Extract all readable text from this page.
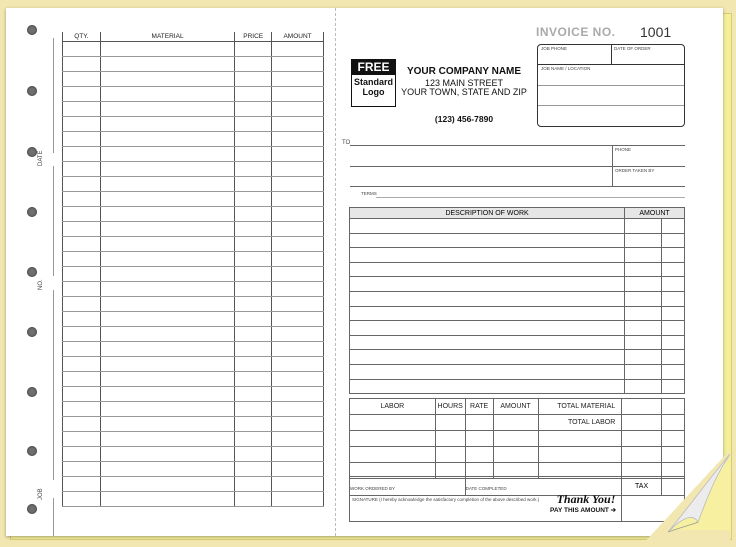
DATE
NO.
JOB
QTY.	MATERIAL	PRICE	AMOUNT

FREE
Standard
Logo
YOUR COMPANY NAME
123 MAIN STREET
YOUR TOWN, STATE AND ZIP
(123) 456-7890
INVOICE NO. 1001
JOB PHONE	DATE OF ORDER
JOB NAME / LOCATION
TO
PHONE
ORDER TAKEN BY
TERMS
DESCRIPTION OF WORK	AMOUNT	

LABOR	HOURS	RATE	AMOUNT	TOTAL MATERIAL		
				TOTAL LABOR		

WORK ORDERED BY	DATE COMPLETED	TAX	

SIGNATURE (I hereby acknowledge the satisfactory completion of the above described work.)			
		Thank You!
PAY THIS AMOUNT ➔
